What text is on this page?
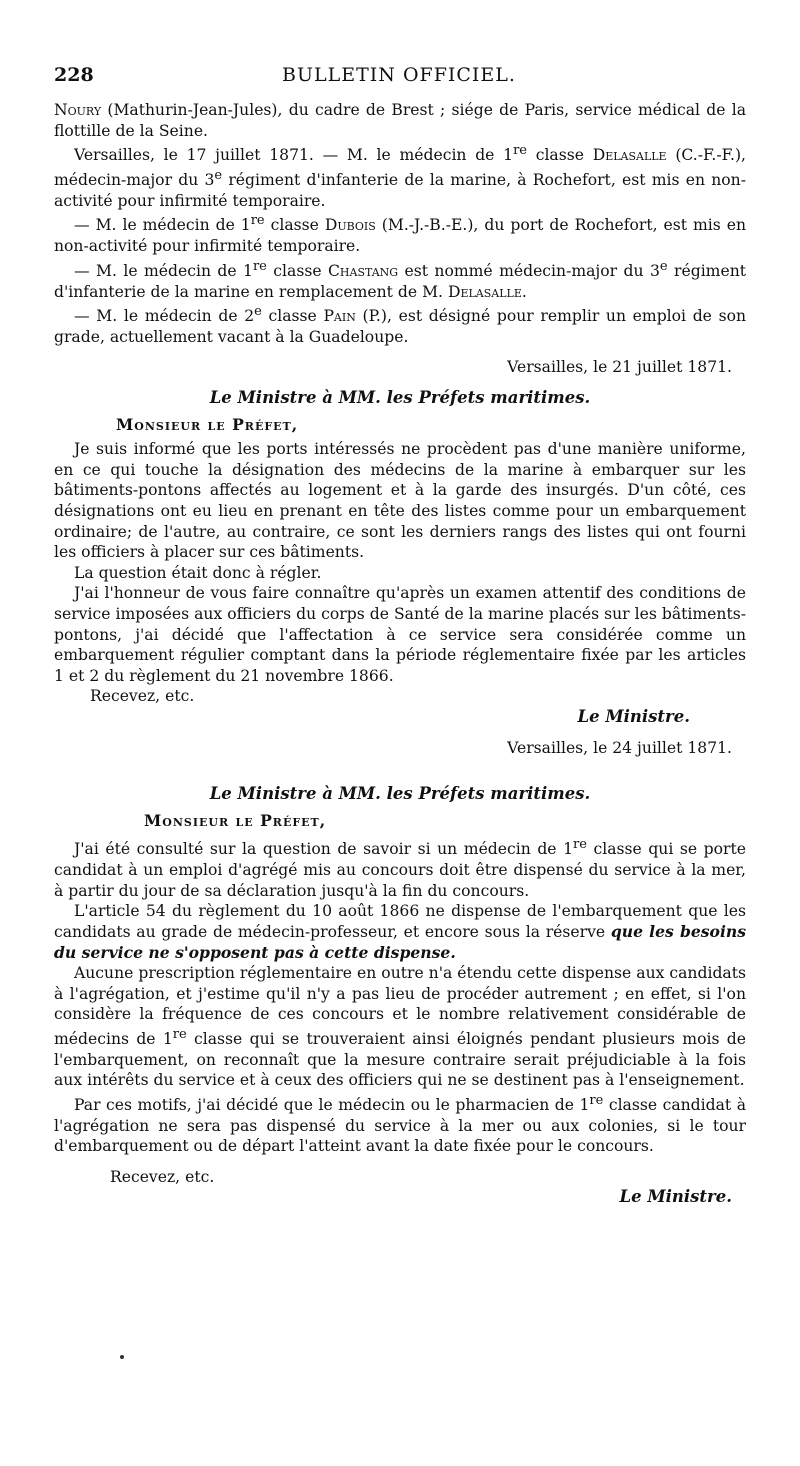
228	BULLETIN OFFICIEL.

Noury (Mathurin-Jean-Jules), du cadre de Brest ; siége de Paris, service médical de la flottille de la Seine.

Versailles, le 17 juillet 1871. — M. le médecin de 1re classe Delasalle (C.-F.-F.), médecin-major du 3e régiment d'infanterie de la marine, à Rochefort, est mis en non-activité pour infirmité temporaire.

— M. le médecin de 1re classe Dubois (M.-J.-B.-E.), du port de Rochefort, est mis en non-activité pour infirmité temporaire.

— M. le médecin de 1re classe Chastang est nommé médecin-major du 3e régiment d'infanterie de la marine en remplacement de M. Delasalle.

— M. le médecin de 2e classe Pain (P.), est désigné pour remplir un emploi de son grade, actuellement vacant à la Guadeloupe.

Versailles, le 21 juillet 1871.

Le Ministre à MM. les Préfets maritimes.

Monsieur le Préfet,

Je suis informé que les ports intéressés ne procèdent pas d'une manière uniforme, en ce qui touche la désignation des médecins de la marine à embarquer sur les bâtiments-pontons affectés au logement et à la garde des insurgés. D'un côté, ces désignations ont eu lieu en prenant en tête des listes comme pour un embarquement ordinaire; de l'autre, au contraire, ce sont les derniers rangs des listes qui ont fourni les officiers à placer sur ces bâtiments.

La question était donc à régler.

J'ai l'honneur de vous faire connaître qu'après un examen attentif des conditions de service imposées aux officiers du corps de Santé de la marine placés sur les bâtiments-pontons, j'ai décidé que l'affectation à ce service sera considérée comme un embarquement régulier comptant dans la période réglementaire fixée par les articles 1 et 2 du règlement du 21 novembre 1866.

Recevez, etc.

Le Ministre.

Versailles, le 24 juillet 1871.

Le Ministre à MM. les Préfets maritimes.

Monsieur le Préfet,

J'ai été consulté sur la question de savoir si un médecin de 1re classe qui se porte candidat à un emploi d'agrégé mis au concours doit être dispensé du service à la mer, à partir du jour de sa déclaration jusqu'à la fin du concours.

L'article 54 du règlement du 10 août 1866 ne dispense de l'embarquement que les candidats au grade de médecin-professeur, et encore sous la réserve que les besoins du service ne s'opposent pas à cette dispense.

Aucune prescription réglementaire en outre n'a étendu cette dispense aux candidats à l'agrégation, et j'estime qu'il n'y a pas lieu de procéder autrement ; en effet, si l'on considère la fréquence de ces concours et le nombre relativement considérable de médecins de 1re classe qui se trouveraient ainsi éloignés pendant plusieurs mois de l'embarquement, on reconnaît que la mesure contraire serait préjudiciable à la fois aux intérêts du service et à ceux des officiers qui ne se destinent pas à l'enseignement.

Par ces motifs, j'ai décidé que le médecin ou le pharmacien de 1re classe candidat à l'agrégation ne sera pas dispensé du service à la mer ou aux colonies, si le tour d'embarquement ou de départ l'atteint avant la date fixée pour le concours.

Recevez, etc.
Le Ministre.
